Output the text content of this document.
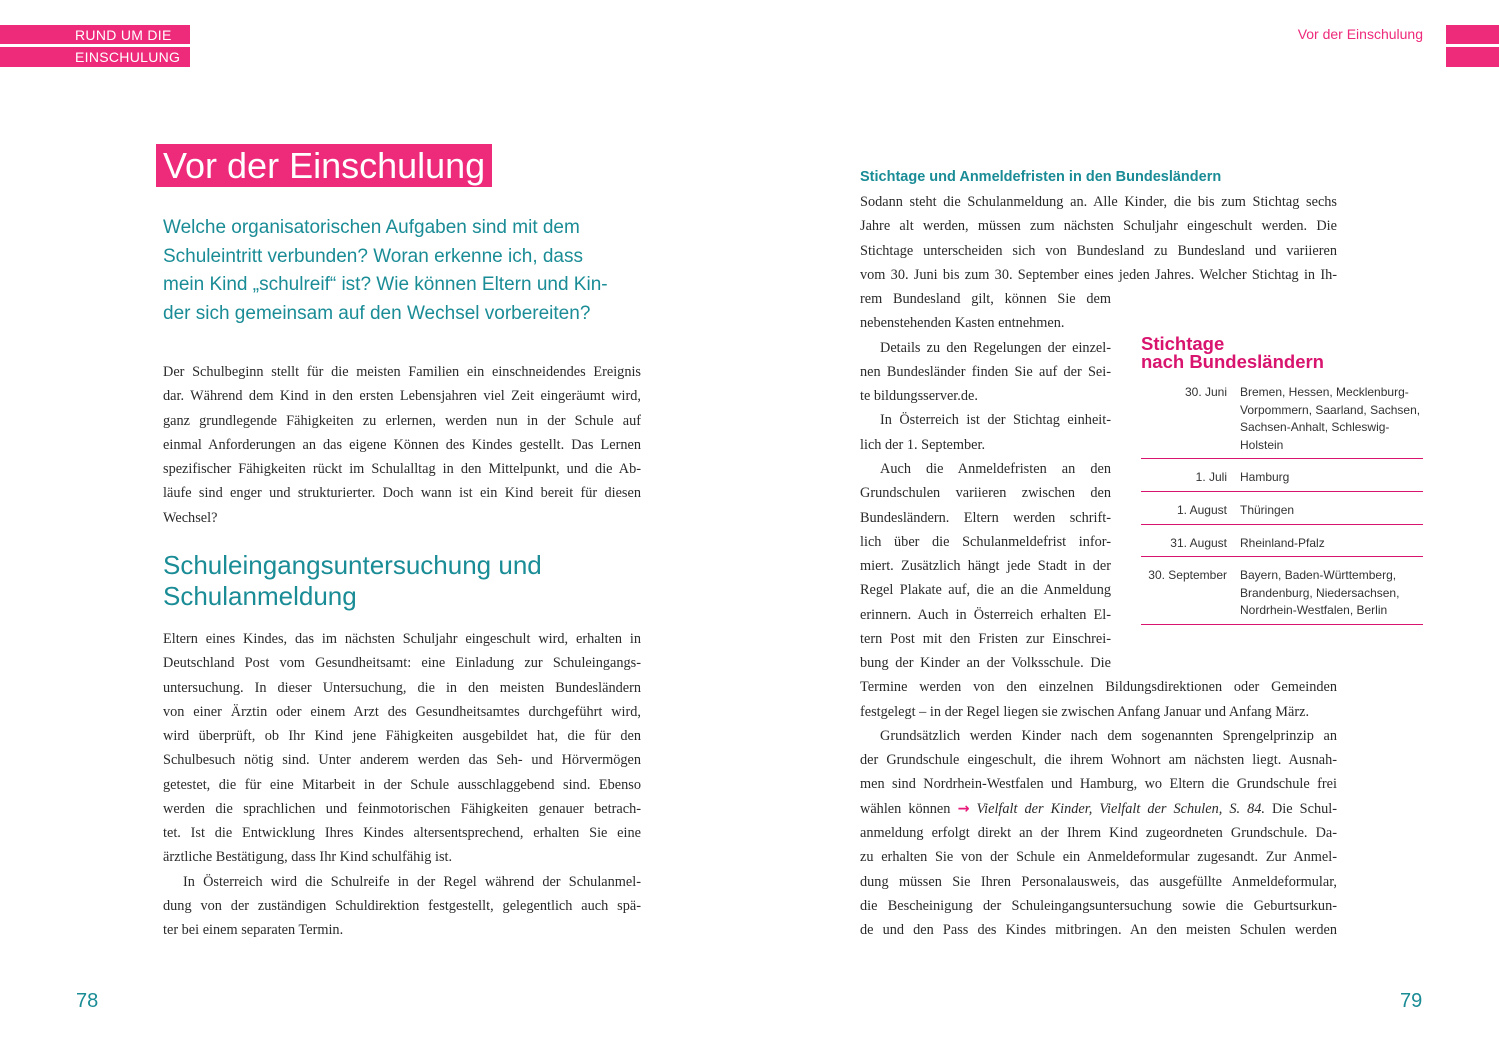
RUND UM DIE
EINSCHULUNG
Vor der Einschulung
Vor der Einschulung
Welche organisatorischen Aufgaben sind mit dem
Schuleintritt verbunden? Woran erkenne ich, dass
mein Kind „schulreif“ ist? Wie können Eltern und Kin-
der sich gemeinsam auf den Wechsel vorbereiten?
Der Schulbeginn stellt für die meisten Familien ein einschneidendes Ereignis
dar. Während dem Kind in den ersten Lebensjahren viel Zeit eingeräumt wird,
ganz grundlegende Fähigkeiten zu erlernen, werden nun in der Schule auf
einmal Anforderungen an das eigene Können des Kindes gestellt. Das Lernen
spezifischer Fähigkeiten rückt im Schulalltag in den Mittelpunkt, und die Ab-
läufe sind enger und strukturierter. Doch wann ist ein Kind bereit für diesen
Wechsel?
Schuleingangsuntersuchung und
Schulanmeldung
Eltern eines Kindes, das im nächsten Schuljahr eingeschult wird, erhalten in
Deutschland Post vom Gesundheitsamt: eine Einladung zur Schuleingangs-
untersuchung. In dieser Untersuchung, die in den meisten Bundesländern
von einer Ärztin oder einem Arzt des Gesundheitsamtes durchgeführt wird,
wird überprüft, ob Ihr Kind jene Fähigkeiten ausgebildet hat, die für den
Schulbesuch nötig sind. Unter anderem werden das Seh- und Hörvermögen
getestet, die für eine Mitarbeit in der Schule ausschlaggebend sind. Ebenso
werden die sprachlichen und feinmotorischen Fähigkeiten genauer betrach-
tet. Ist die Entwicklung Ihres Kindes altersentsprechend, erhalten Sie eine
ärztliche Bestätigung, dass Ihr Kind schulfähig ist.
In Österreich wird die Schulreife in der Regel während der Schulanmel-
dung von der zuständigen Schuldirektion festgestellt, gelegentlich auch spä-
ter bei einem separaten Termin.
78
Stichtage und Anmeldefristen in den Bundesländern
Sodann steht die Schulanmeldung an. Alle Kinder, die bis zum Stichtag sechs
Jahre alt werden, müssen zum nächsten Schuljahr eingeschult werden. Die
Stichtage unterscheiden sich von Bundesland zu Bundesland und variieren
vom 30. Juni bis zum 30. September eines jeden Jahres. Welcher Stichtag in Ih-
rem Bundesland gilt, können Sie dem
nebenstehenden Kasten entnehmen.
Details zu den Regelungen der einzel-
nen Bundesländer finden Sie auf der Sei-
te bildungsserver.de.
In Österreich ist der Stichtag einheit-
lich der 1. September.
Auch die Anmeldefristen an den
Grundschulen variieren zwischen den
Bundesländern. Eltern werden schrift-
lich über die Schulanmeldefrist infor-
miert. Zusätzlich hängt jede Stadt in der
Regel Plakate auf, die an die Anmeldung
erinnern. Auch in Österreich erhalten El-
tern Post mit den Fristen zur Einschrei-
bung der Kinder an der Volksschule. Die
Termine werden von den einzelnen Bildungsdirektionen oder Gemeinden
festgelegt – in der Regel liegen sie zwischen Anfang Januar und Anfang März.
Grundsätzlich werden Kinder nach dem sogenannten Sprengelprinzip an
der Grundschule eingeschult, die ihrem Wohnort am nächsten liegt. Ausnah-
men sind Nordrhein-Westfalen und Hamburg, wo Eltern die Grundschule frei
wählen können → Vielfalt der Kinder, Vielfalt der Schulen, S. 84. Die Schul-
anmeldung erfolgt direkt an der Ihrem Kind zugeordneten Grundschule. Da-
zu erhalten Sie von der Schule ein Anmeldeformular zugesandt. Zur Anmel-
dung müssen Sie Ihren Personalausweis, das ausgefüllte Anmeldeformular,
die Bescheinigung der Schuleingangsuntersuchung sowie die Geburtsurkun-
de und den Pass des Kindes mitbringen. An den meisten Schulen werden
Stichtage
nach Bundesländern
30. Juni	Bremen, Hessen, Mecklenburg-Vorpommern, Saarland, Sachsen, Sachsen-Anhalt, Schleswig-Holstein
1. Juli	Hamburg
1. August	Thüringen
31. August	Rheinland-Pfalz
30. September	Bayern, Baden-Württemberg, Brandenburg, Niedersachsen, Nordrhein-Westfalen, Berlin
79
